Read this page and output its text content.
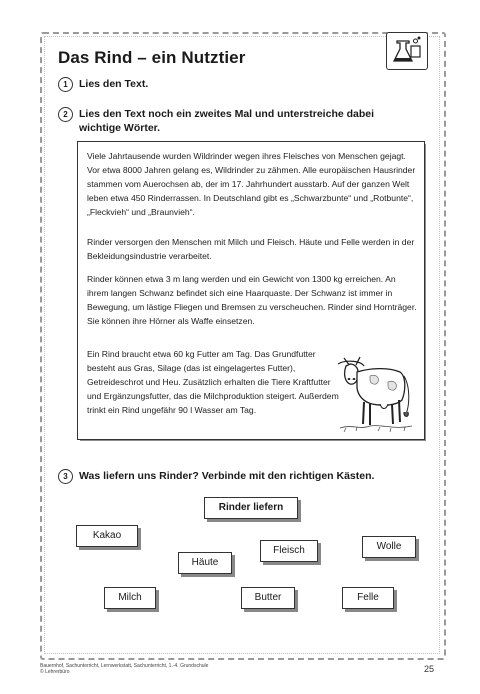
Das Rind – ein Nutztier
1 Lies den Text.
2 Lies den Text noch ein zweites Mal und unterstreiche dabei wichtige Wörter.
Viele Jahrtausende wurden Wildrinder wegen ihres Fleisches von Menschen gejagt. Vor etwa 8000 Jahren gelang es, Wildrinder zu zähmen. Alle europäischen Hausrinder stammen vom Auerochsen ab, der im 17. Jahrhundert ausstarb. Auf der ganzen Welt leben etwa 450 Rinderrassen. In Deutschland gibt es „Schwarzbunte“ und „Rotbunte“, „Fleckvieh“ und „Braunvieh“.
Rinder versorgen den Menschen mit Milch und Fleisch. Häute und Felle werden in der Bekleidungsindustrie verarbeitet.
Rinder können etwa 3 m lang werden und ein Gewicht von 1300 kg erreichen. An ihrem langen Schwanz befindet sich eine Haarquaste. Der Schwanz ist immer in Bewegung, um lästige Fliegen und Bremsen zu verscheuchen. Rinder sind Hornträger. Sie können ihre Hörner als Waffe einsetzen.
Ein Rind braucht etwa 60 kg Futter am Tag. Das Grundfutter besteht aus Gras, Silage (das ist eingelagertes Futter), Getreideschrot und Heu. Zusätzlich erhalten die Tiere Kraftfutter und Ergänzungsfutter, das die Milchproduktion steigert. Außerdem trinkt ein Rind ungefähr 90 l Wasser am Tag.
3 Was liefern uns Rinder? Verbinde mit den richtigen Kästen.
Rinder liefern
Kakao
Häute
Fleisch	Wolle
Milch	Butter	Felle
Bauernhof, Sachunterricht, Lernwerkstatt, Sachunterricht, 1.-4. Grundschule
© Lehrerbüro	25
